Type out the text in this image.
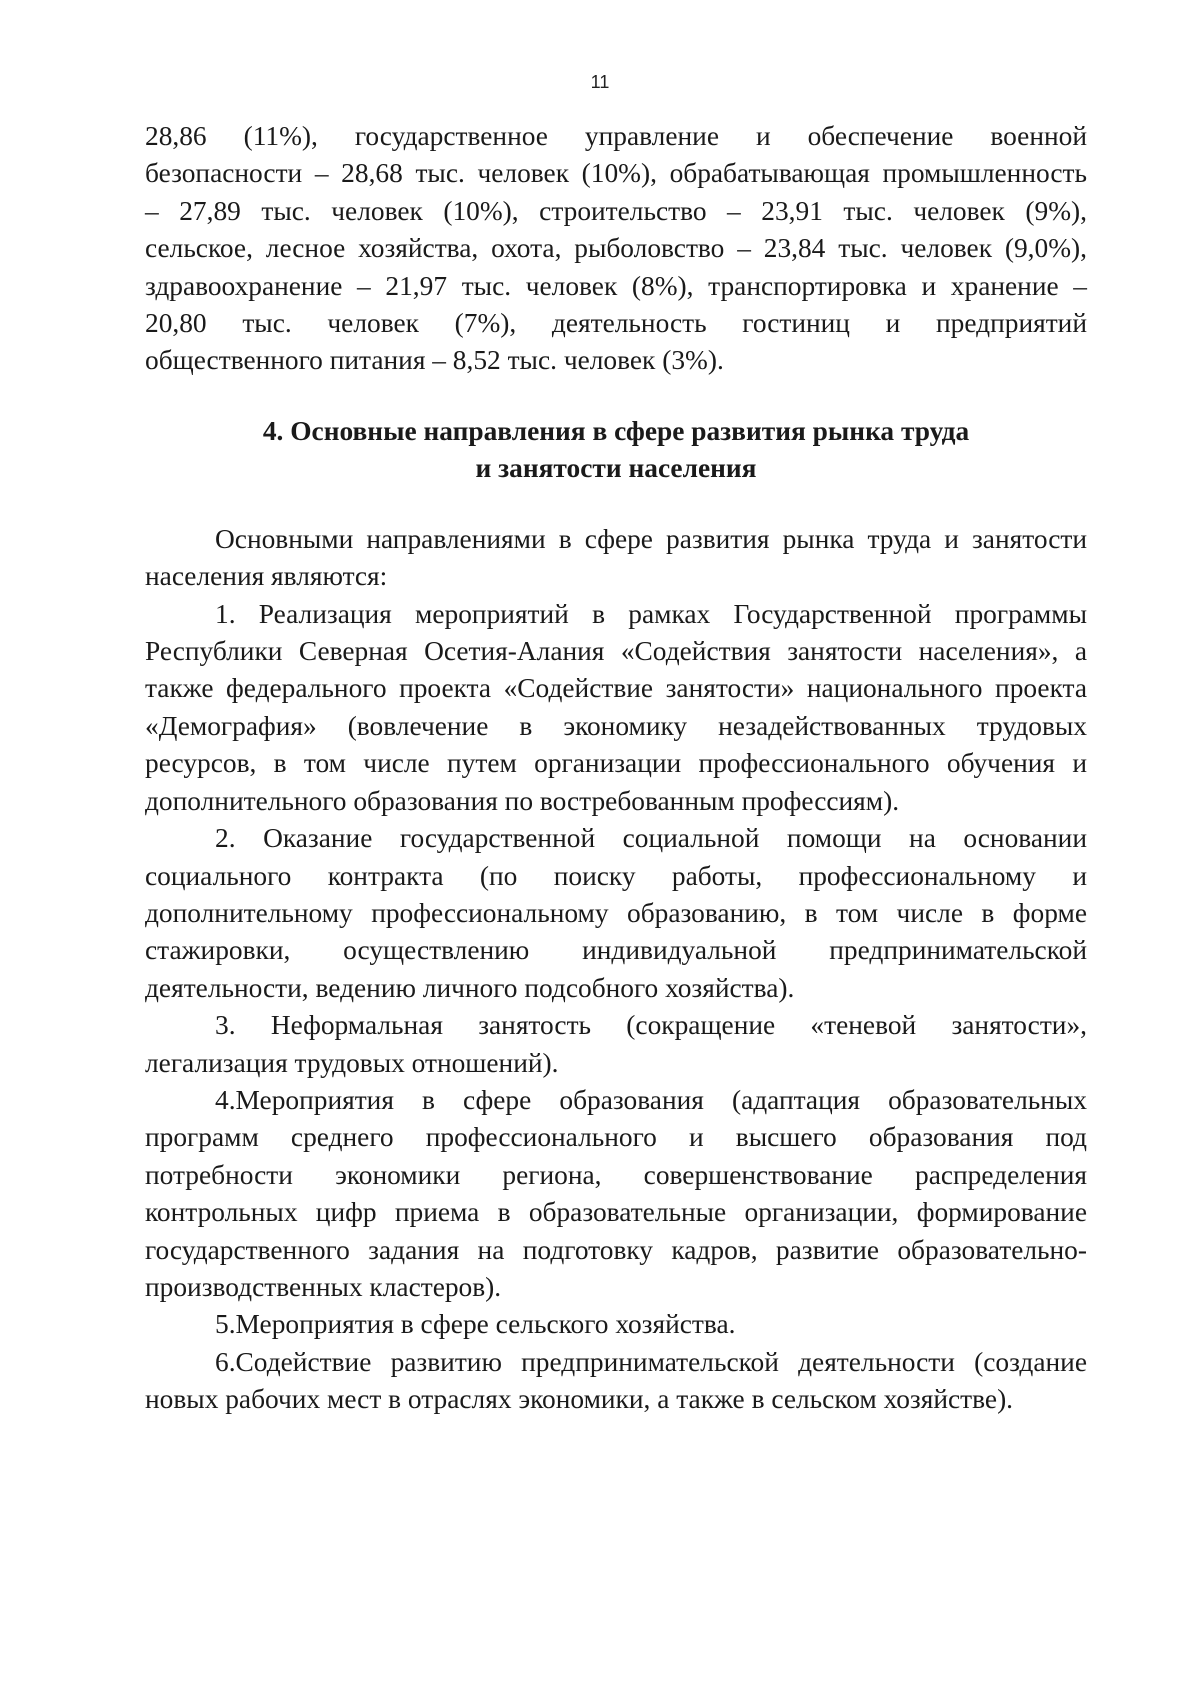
11
28,86 (11%), государственное управление и обеспечение военной
безопасности – 28,68 тыс. человек (10%), обрабатывающая промышленность
– 27,89 тыс. человек (10%), строительство – 23,91 тыс. человек (9%),
сельское, лесное хозяйства, охота, рыболовство – 23,84 тыс. человек (9,0%),
здравоохранение – 21,97 тыс. человек (8%), транспортировка и хранение –
20,80 тыс. человек (7%), деятельность гостиниц и предприятий
общественного питания – 8,52 тыс. человек (3%).
4. Основные направления в сфере развития рынка труда
и занятости населения
Основными направлениями в сфере развития рынка труда и занятости
населения являются:
1. Реализация мероприятий в рамках Государственной программы
Республики Северная Осетия-Алания «Содействия занятости населения», а
также федерального проекта «Содействие занятости» национального проекта
«Демография» (вовлечение в экономику незадействованных трудовых
ресурсов, в том числе путем организации профессионального обучения и
дополнительного образования по востребованным профессиям).
2. Оказание государственной социальной помощи на основании
социального контракта (по поиску работы, профессиональному и
дополнительному профессиональному образованию, в том числе в форме
стажировки, осуществлению индивидуальной предпринимательской
деятельности, ведению личного подсобного хозяйства).
3. Неформальная занятость (сокращение «теневой занятости»,
легализация трудовых отношений).
4.Мероприятия в сфере образования (адаптация образовательных
программ среднего профессионального и высшего образования под
потребности экономики региона, совершенствование распределения
контрольных цифр приема в образовательные организации, формирование
государственного задания на подготовку кадров, развитие образовательно-
производственных кластеров).
5.Мероприятия в сфере сельского хозяйства.
6.Содействие развитию предпринимательской деятельности (создание
новых рабочих мест в отраслях экономики, а также в сельском хозяйстве).
